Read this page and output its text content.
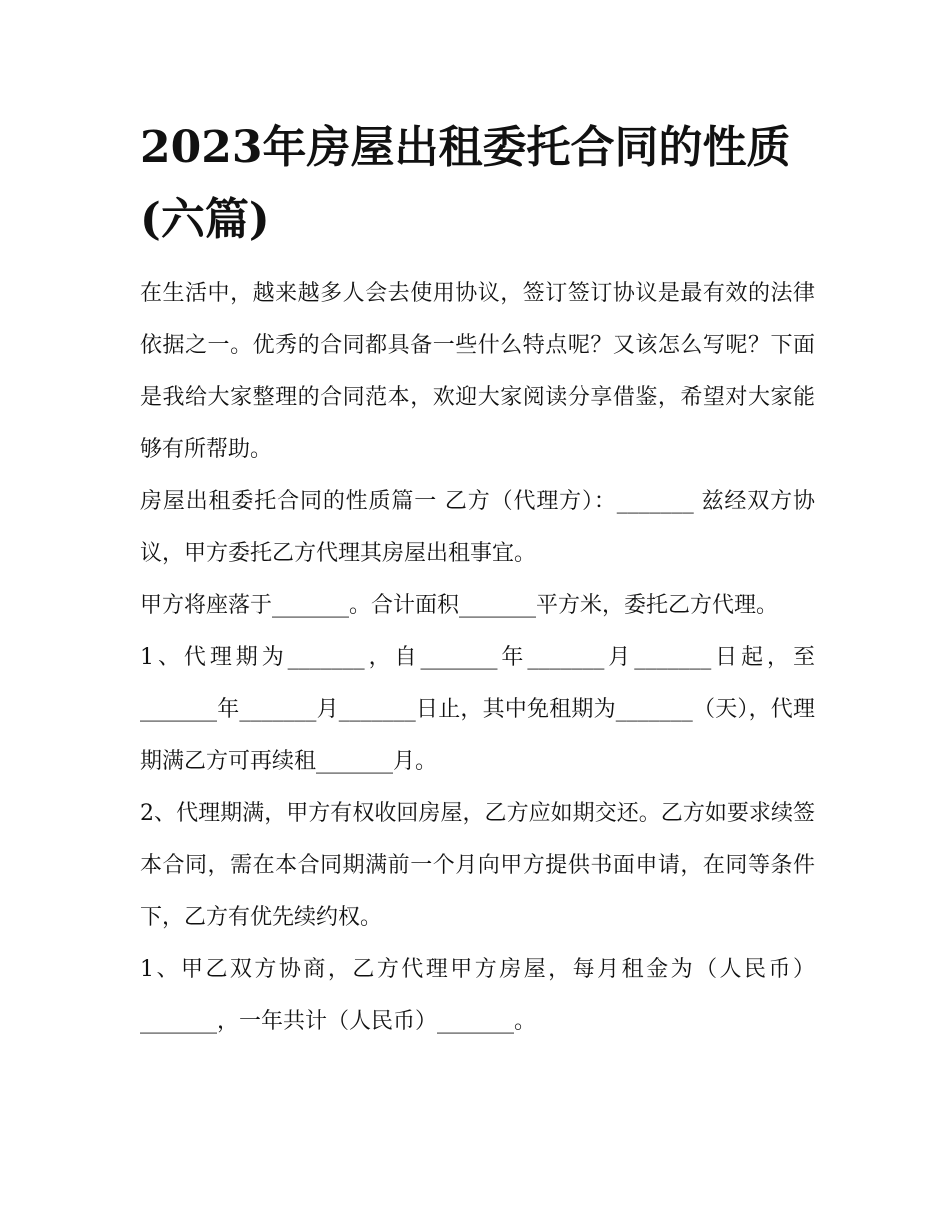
2023年房屋出租委托合同的性质(六篇)

在生活中，越来越多人会去使用协议，签订签订协议是最有效的法律依据之一。优秀的合同都具备一些什么特点呢？又该怎么写呢？下面是我给大家整理的合同范本，欢迎大家阅读分享借鉴，希望对大家能够有所帮助。

房屋出租委托合同的性质篇一 乙方（代理方）：_______ 兹经双方协议，甲方委托乙方代理其房屋出租事宜。

甲方将座落于_______。合计面积_______平方米，委托乙方代理。

1、代理期为_______，自_______年_______月_______日起，至_______年_______月_______日止，其中免租期为_______（天），代理期满乙方可再续租_______月。

2、代理期满，甲方有权收回房屋，乙方应如期交还。乙方如要求续签本合同，需在本合同期满前一个月向甲方提供书面申请，在同等条件下，乙方有优先续约权。

1、甲乙双方协商，乙方代理甲方房屋，每月租金为（人民币）_______，一年共计（人民币）_______。
